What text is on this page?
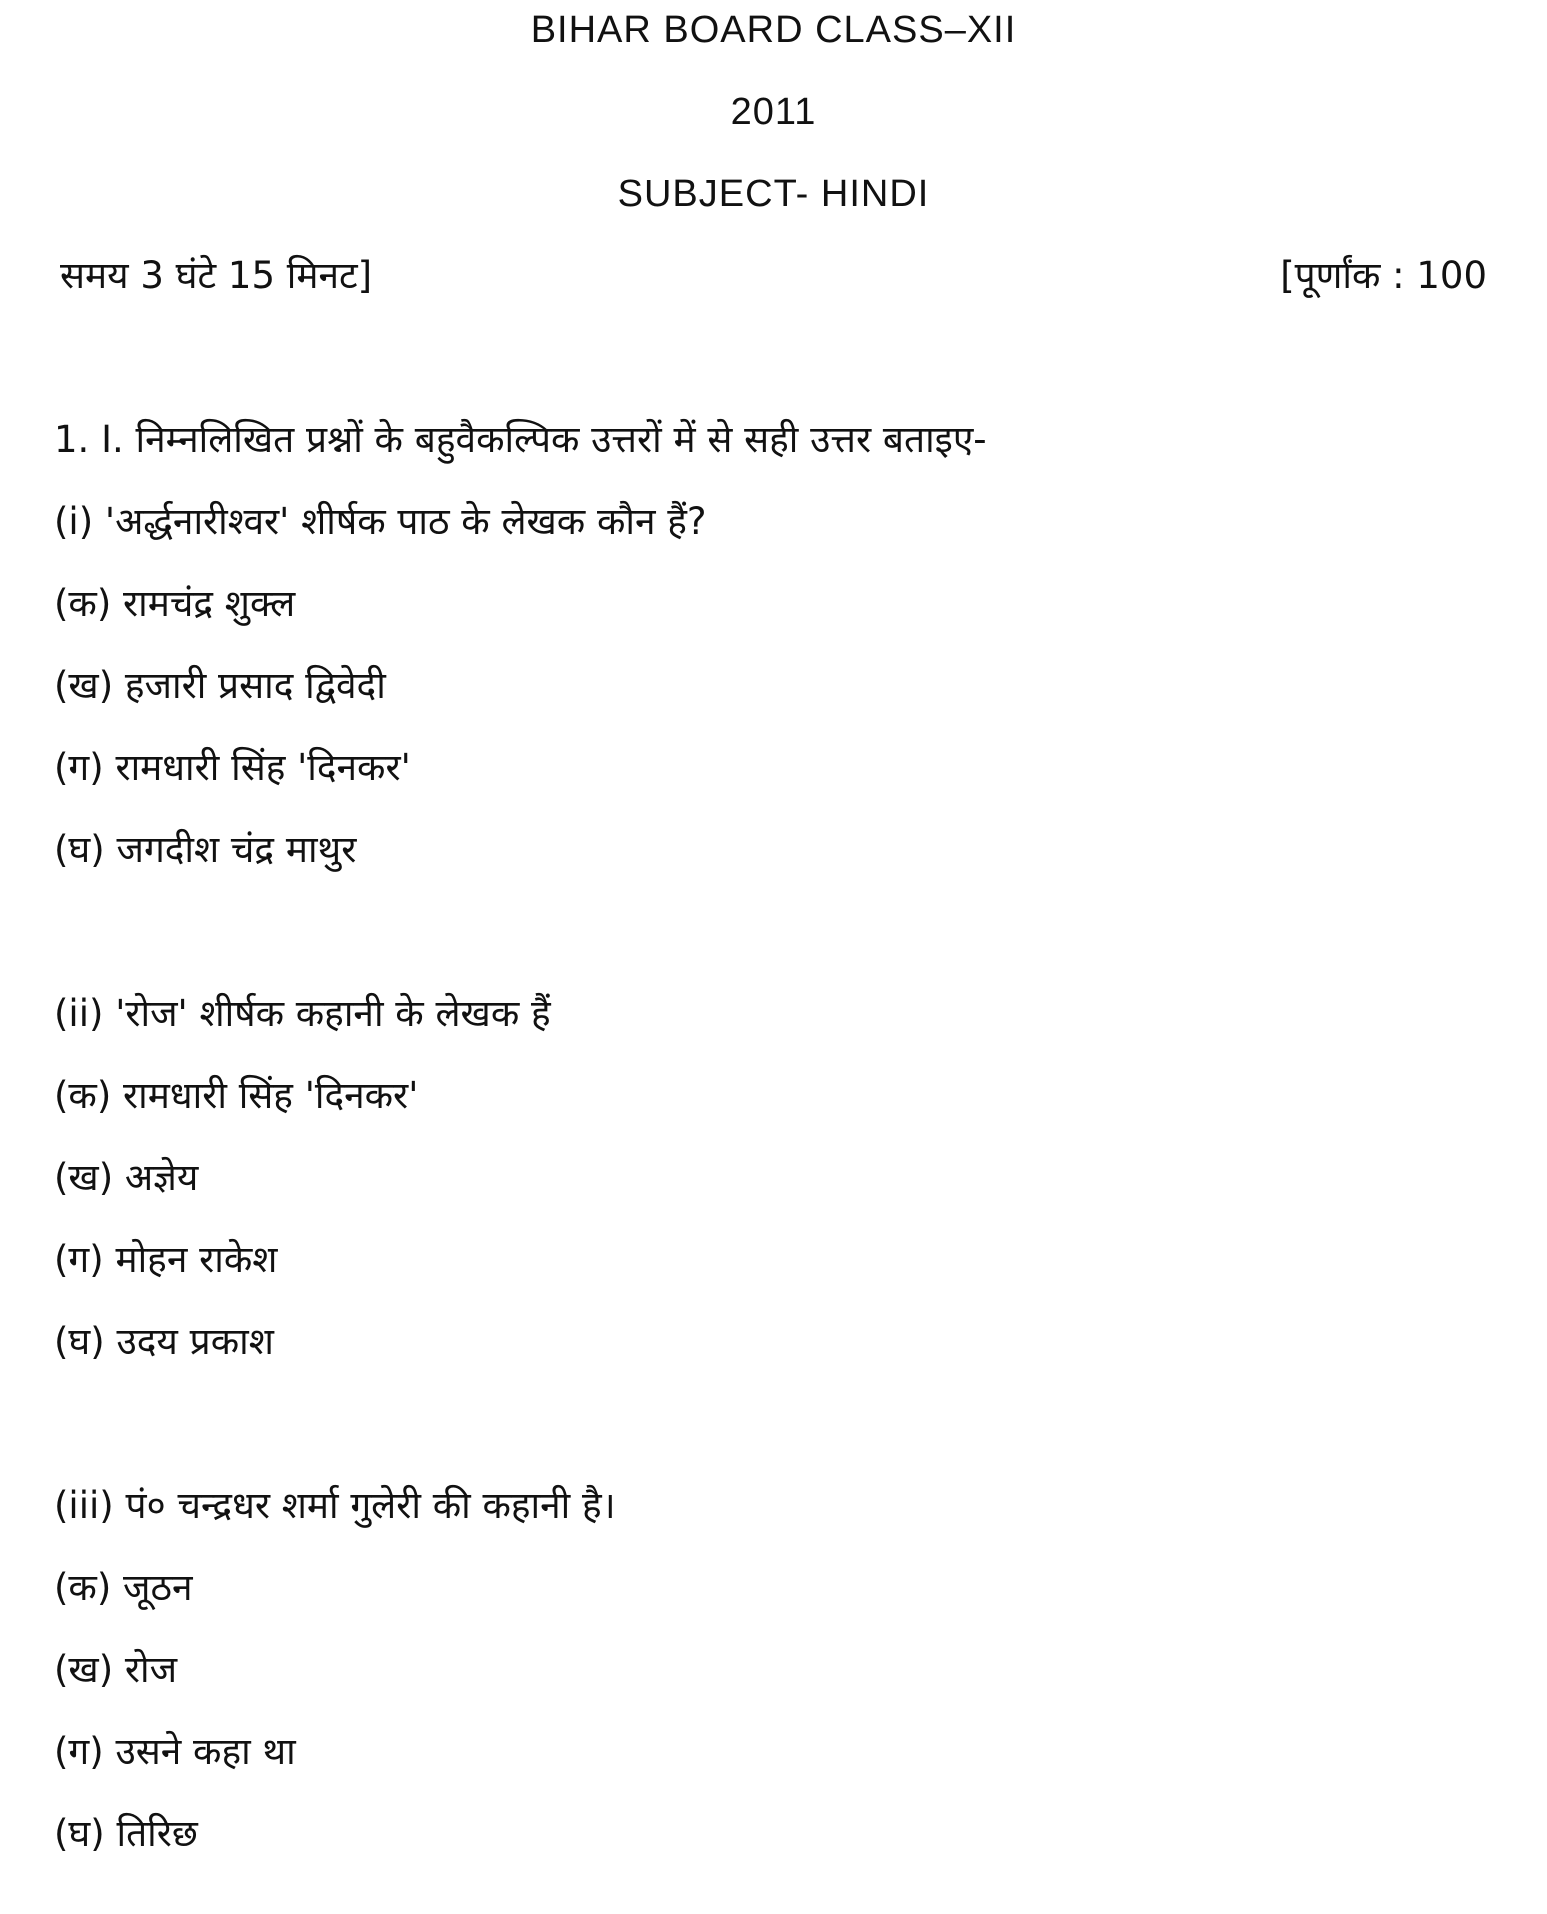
BIHAR BOARD CLASS–XII
2011
SUBJECT- HINDI
समय 3 घंटे 15 मिनट]	[पूर्णांक : 100
1. I. निम्नलिखित प्रश्नों के बहुवैकल्पिक उत्तरों में से सही उत्तर बताइए-
(i) 'अर्द्धनारीश्वर' शीर्षक पाठ के लेखक कौन हैं?
(क) रामचंद्र शुक्ल
(ख) हजारी प्रसाद द्विवेदी
(ग) रामधारी सिंह 'दिनकर'
(घ) जगदीश चंद्र माथुर
(ii) 'रोज' शीर्षक कहानी के लेखक हैं
(क) रामधारी सिंह 'दिनकर'
(ख) अज्ञेय
(ग) मोहन राकेश
(घ) उदय प्रकाश
(iii) पं० चन्द्रधर शर्मा गुलेरी की कहानी है।
(क) जूठन
(ख) रोज
(ग) उसने कहा था
(घ) तिरिछ
